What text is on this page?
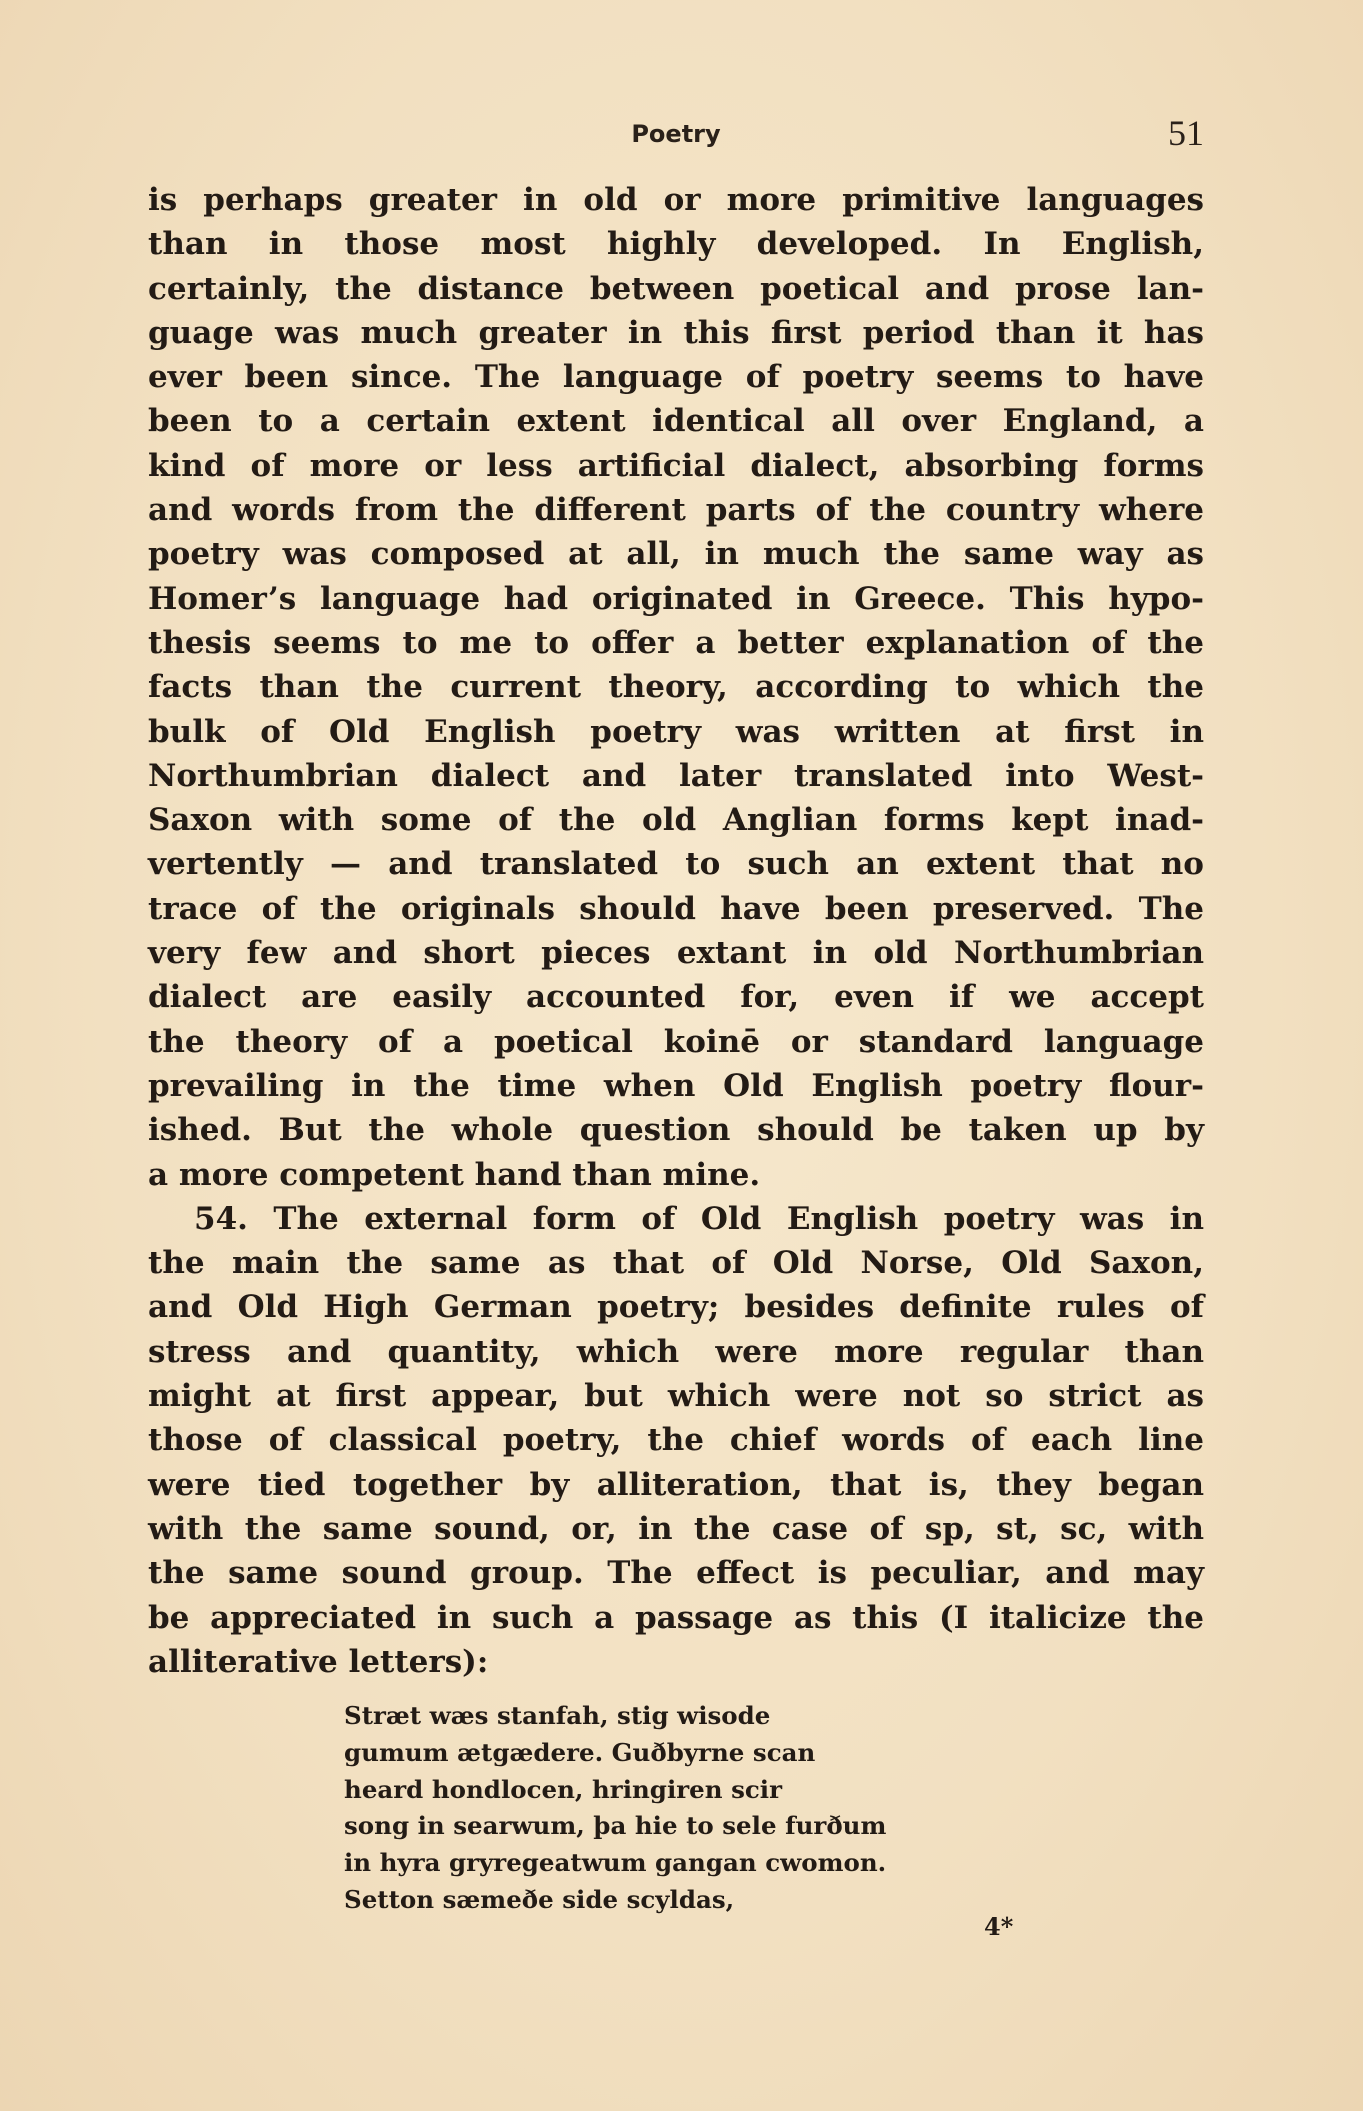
Poetry	51
is perhaps greater in old or more primitive languages
than in those most highly developed. In English,
certainly, the distance between poetical and prose lan-
guage was much greater in this first period than it has
ever been since. The language of poetry seems to have
been to a certain extent identical all over England, a
kind of more or less artificial dialect, absorbing forms
and words from the different parts of the country where
poetry was composed at all, in much the same way as
Homer’s language had originated in Greece. This hypo-
thesis seems to me to offer a better explanation of the
facts than the current theory, according to which the
bulk of Old English poetry was written at first in
Northumbrian dialect and later translated into West-
Saxon with some of the old Anglian forms kept inad-
vertently — and translated to such an extent that no
trace of the originals should have been preserved. The
very few and short pieces extant in old Northumbrian
dialect are easily accounted for, even if we accept
the theory of a poetical koinē or standard language
prevailing in the time when Old English poetry flour-
ished. But the whole question should be taken up by
a more competent hand than mine.
54. The external form of Old English poetry was in
the main the same as that of Old Norse, Old Saxon,
and Old High German poetry; besides definite rules of
stress and quantity, which were more regular than
might at first appear, but which were not so strict as
those of classical poetry, the chief words of each line
were tied together by alliteration, that is, they began
with the same sound, or, in the case of sp, st, sc, with
the same sound group. The effect is peculiar, and may
be appreciated in such a passage as this (I italicize the
alliterative letters):
Stræt wæs stanfah, stig wisode
gumum ætgædere. Guðbyrne scan
heard hondlocen, hringiren scir
song in searwum, þa hie to sele furðum
in hyra gryregeatwum gangan cwomon.
Setton sæmeðe side scyldas,
4*
